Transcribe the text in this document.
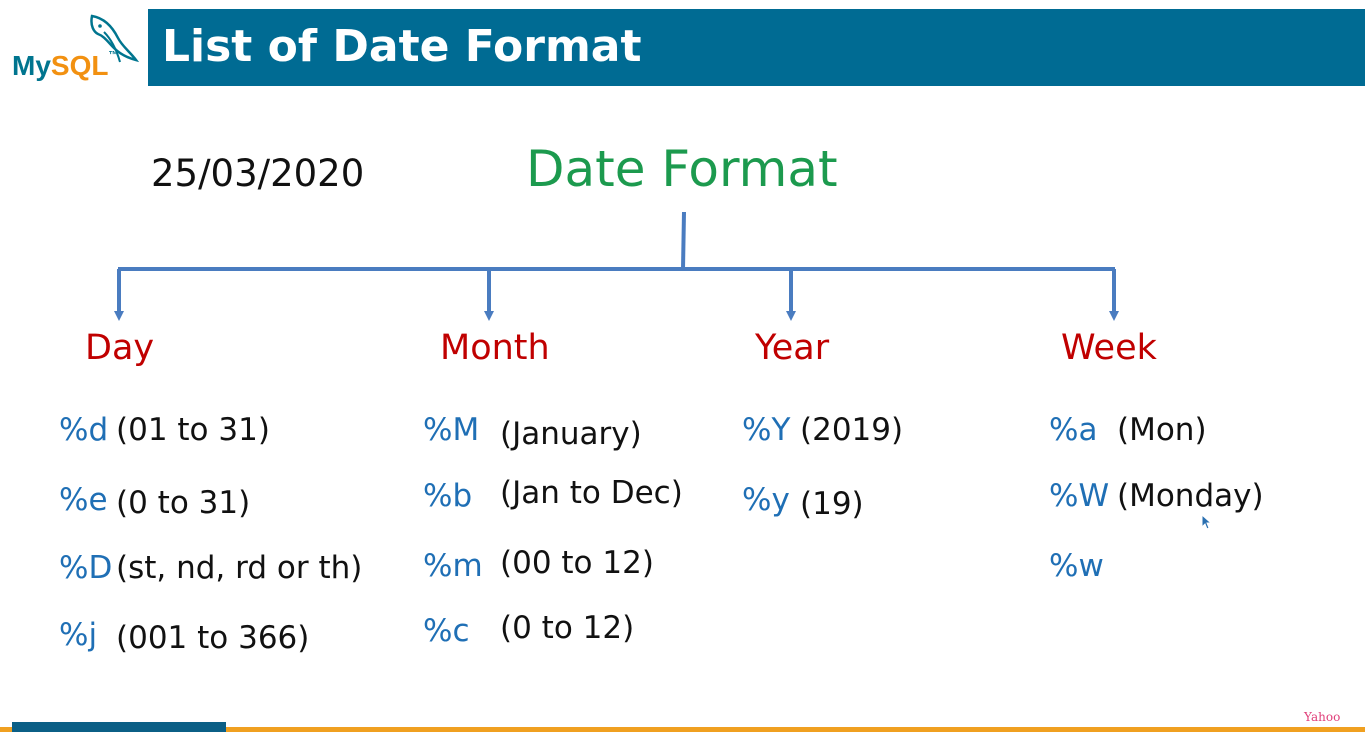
MySQL™ List of Date Format
25/03/2020	Date Format
Day	Month	Year	Week
%d (01 to 31)
%e (0 to 31)
%D (st, nd, rd or th)
%j (001 to 366)
%M (January)
%b (Jan to Dec)
%m (00 to 12)
%c (0 to 12)
%Y (2019)
%y (19)
%a (Mon)
%W (Monday)
%w
Yahoo
